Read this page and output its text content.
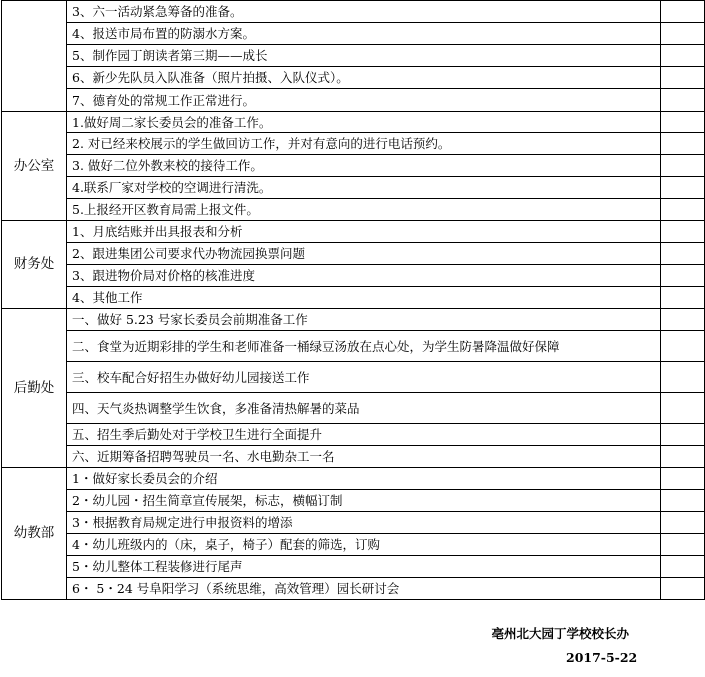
	3、六一活动紧急筹备的准备。	
	4、报送市局布置的防溺水方案。	
	5、制作园丁朗读者第三期——成长	
	6、新少先队员入队准备（照片拍摄、入队仪式）。	
	7、德育处的常规工作正常进行。	
办公室	1.做好周二家长委员会的准备工作。	
	2. 对已经来校展示的学生做回访工作，并对有意向的进行电话预约。	
	3. 做好二位外教来校的接待工作。	
	4.联系厂家对学校的空调进行清洗。	
	5.上报经开区教育局需上报文件。	
财务处	1、月底结账并出具报表和分析	
	2、跟进集团公司要求代办物流园换票问题	
	3、跟进物价局对价格的核准进度	
	4、其他工作	
后勤处	一、做好 5.23 号家长委员会前期准备工作	
	二、食堂为近期彩排的学生和老师准备一桶绿豆汤放在点心处，为学生防暑降温做好保障	
	三、校车配合好招生办做好幼儿园接送工作	
	四、天气炎热调整学生饮食，多准备清热解暑的菜品	
	五、招生季后勤处对于学校卫生进行全面提升	
	六、近期筹备招聘驾驶员一名、水电勤杂工一名	
幼教部	1・做好家长委员会的介绍	
	2・幼儿园・招生简章宣传展架，标志，横幅订制	
	3・根据教育局规定进行申报资料的增添	
	4・幼儿班级内的（床，桌子，椅子）配套的筛选，订购	
	5・幼儿整体工程装修进行尾声	
	6・ 5・24 号阜阳学习（系统思维，高效管理）园长研讨会	
亳州北大园丁学校校长办
2017-5-22
